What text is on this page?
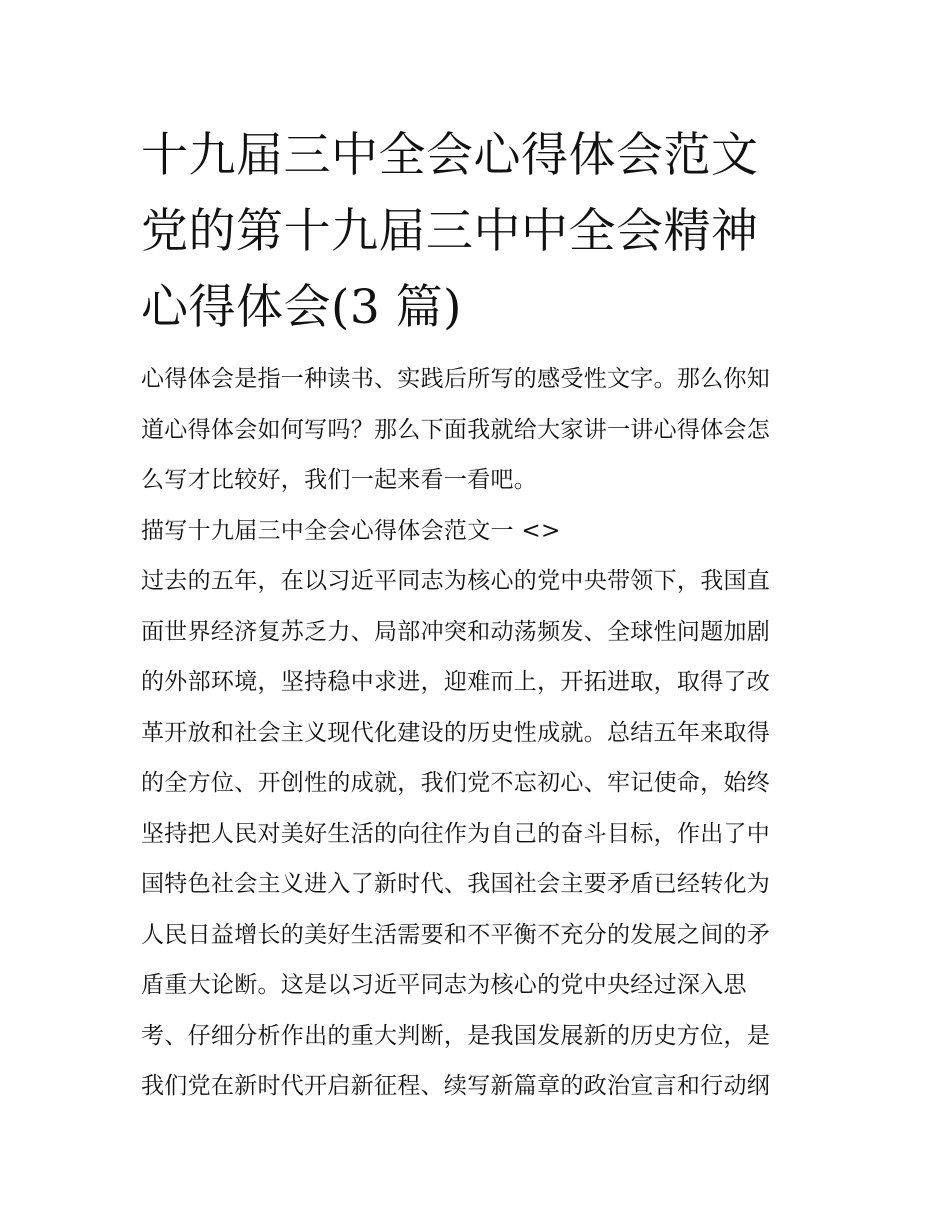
十九届三中全会心得体会范文
党的第十九届三中中全会精神
心得体会(3 篇)
心得体会是指一种读书、实践后所写的感受性文字。那么你知
道心得体会如何写吗？那么下面我就给大家讲一讲心得体会怎
么写才比较好，我们一起来看一看吧。
描写十九届三中全会心得体会范文一 <>
过去的五年，在以习近平同志为核心的党中央带领下，我国直
面世界经济复苏乏力、局部冲突和动荡频发、全球性问题加剧
的外部环境，坚持稳中求进，迎难而上，开拓进取，取得了改
革开放和社会主义现代化建设的历史性成就。总结五年来取得
的全方位、开创性的成就，我们党不忘初心、牢记使命，始终
坚持把人民对美好生活的向往作为自己的奋斗目标，作出了中
国特色社会主义进入了新时代、我国社会主要矛盾已经转化为
人民日益增长的美好生活需要和不平衡不充分的发展之间的矛
盾重大论断。这是以习近平同志为核心的党中央经过深入思
考、仔细分析作出的重大判断，是我国发展新的历史方位，是
我们党在新时代开启新征程、续写新篇章的政治宣言和行动纲
